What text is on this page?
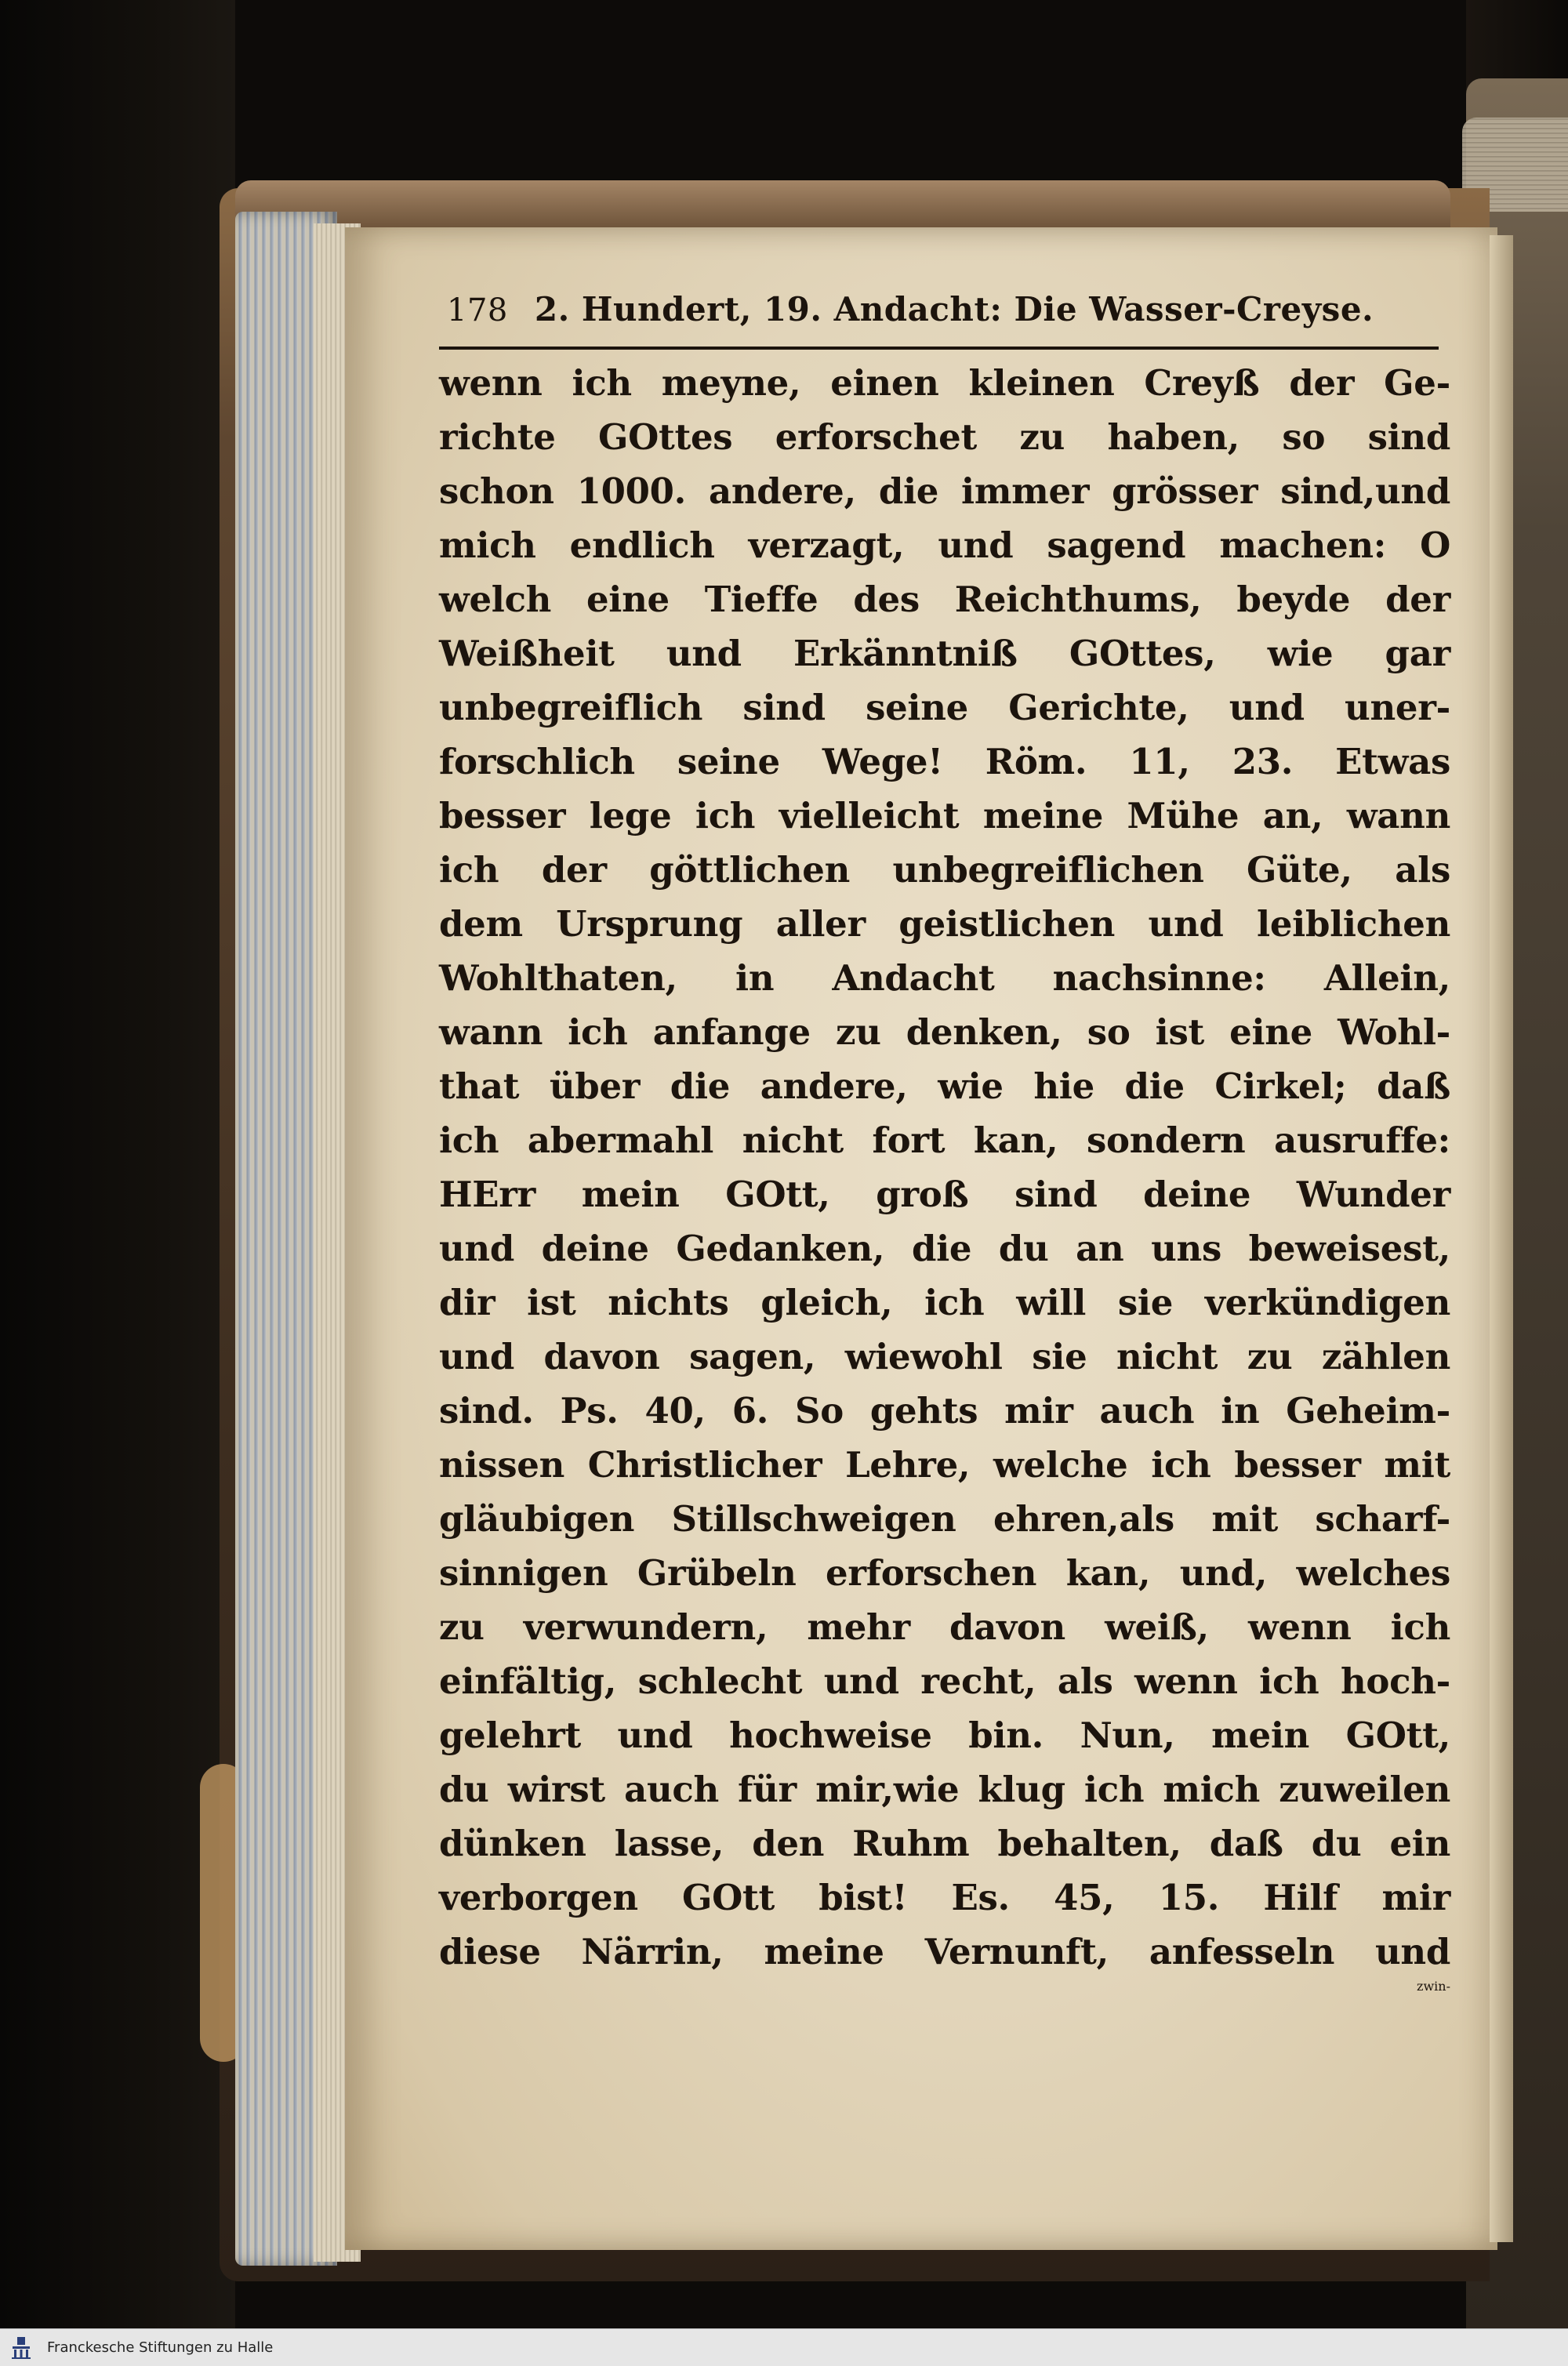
178 2. Hundert, 19. Andacht: Die Wasser-Creyse.
wenn ich meyne, einen kleinen Creyß der Ge-
richte GOttes erforschet zu haben, so sind
schon 1000. andere, die immer grösser sind,und
mich endlich verzagt, und sagend machen: O
welch eine Tieffe des Reichthums, beyde der
Weißheit und Erkänntniß GOttes, wie gar
unbegreiflich sind seine Gerichte, und uner-
forschlich seine Wege! Röm. 11, 23. Etwas
besser lege ich vielleicht meine Mühe an, wann
ich der göttlichen unbegreiflichen Güte, als
dem Ursprung aller geistlichen und leiblichen
Wohlthaten, in Andacht nachsinne: Allein,
wann ich anfange zu denken, so ist eine Wohl-
that über die andere, wie hie die Cirkel; daß
ich abermahl nicht fort kan, sondern ausruffe:
HErr mein GOtt, groß sind deine Wunder
und deine Gedanken, die du an uns beweisest,
dir ist nichts gleich, ich will sie verkündigen
und davon sagen, wiewohl sie nicht zu zählen
sind. Ps. 40, 6. So gehts mir auch in Geheim-
nissen Christlicher Lehre, welche ich besser mit
gläubigen Stillschweigen ehren,als mit scharf-
sinnigen Grübeln erforschen kan, und, welches
zu verwundern, mehr davon weiß, wenn ich
einfältig, schlecht und recht, als wenn ich hoch-
gelehrt und hochweise bin. Nun, mein GOtt,
du wirst auch für mir,wie klug ich mich zuweilen
dünken lasse, den Ruhm behalten, daß du ein
verborgen GOtt bist! Es. 45, 15. Hilf mir
diese Närrin, meine Vernunft, anfesseln und
zwin-
Franckesche Stiftungen zu Halle
